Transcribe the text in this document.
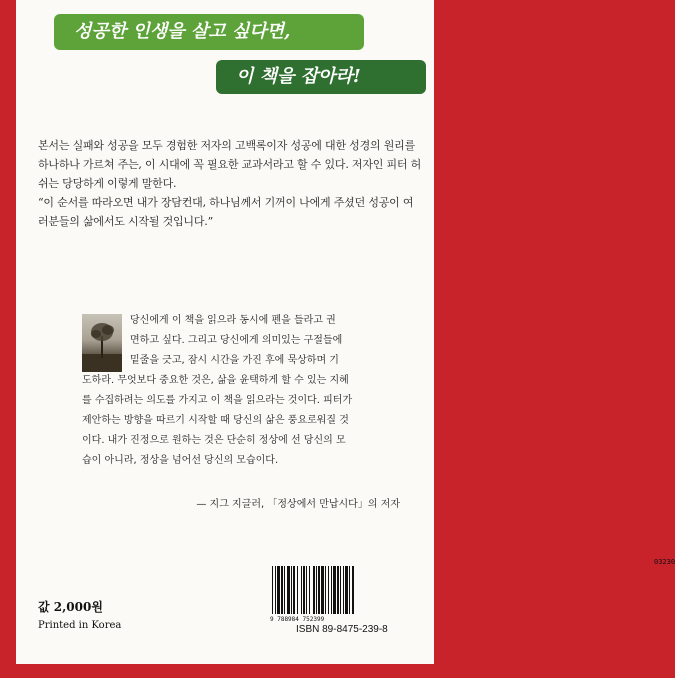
성공한 인생을 살고 싶다면,
이 책을 잡아라!

본서는 실패와 성공을 모두 경험한 저자의 고백록이자 성공에 대한 성경의 원리를 하나하나 가르쳐 주는, 이 시대에 꼭 필요한 교과서라고 할 수 있다. 저자인 피터 허쉬는 당당하게 이렇게 말한다.

“이 순서를 따라오면 내가 장담컨대, 하나님께서 기꺼이 나에게 주셨던 성공이 여러분들의 삶에서도 시작될 것입니다.”

당신에게 이 책을 읽으라 동시에 펜을 들라고 권
면하고 싶다. 그리고 당신에게 의미있는 구절들에
밑줄을 긋고, 잠시 시간을 가진 후에 묵상하며 기
도하라. 무엇보다 중요한 것은, 삶을 윤택하게 할 수 있는 지혜
를 수집하려는 의도를 가지고 이 책을 읽으라는 것이다. 피터가
제안하는 방향을 따르기 시작할 때 당신의 삶은 풍요로워질 것
이다. 내가 진정으로 원하는 것은 단순히 정상에 선 당신의 모
습이 아니라, 정상을 넘어선 당신의 모습이다.
— 지그 지글러, 「정상에서 만납시다」의 저자
값 2,000원
Printed in Korea
03230
9 788984 752399
ISBN 89-8475-239-8
